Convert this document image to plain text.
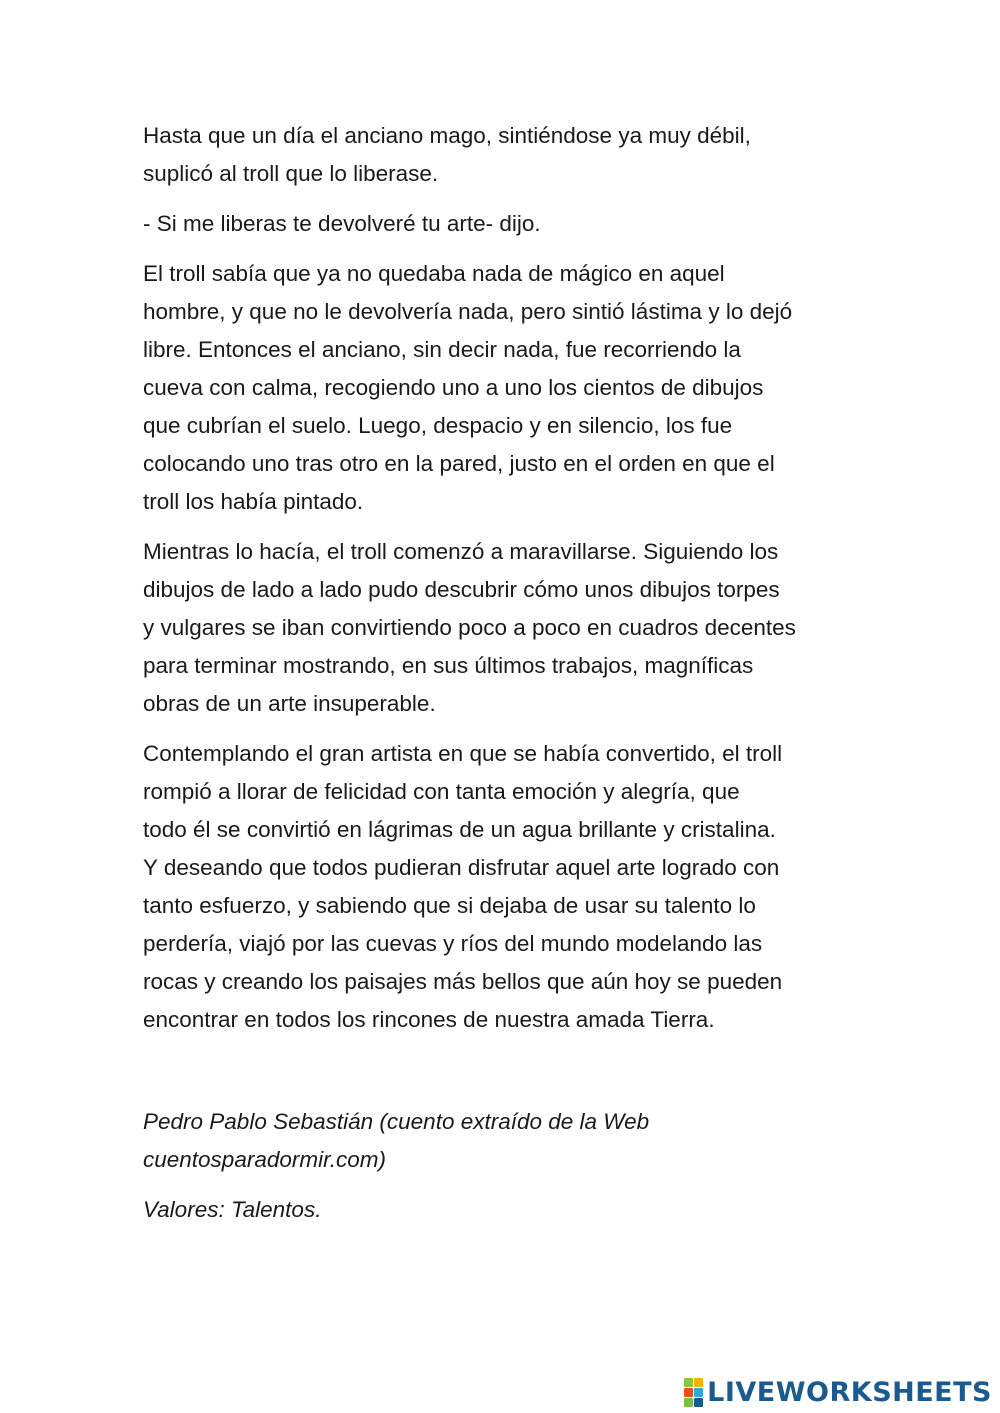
Hasta que un día el anciano mago, sintiéndose ya muy débil,
suplicó al troll que lo liberase.

- Si me liberas te devolveré tu arte- dijo.

El troll sabía que ya no quedaba nada de mágico en aquel
hombre, y que no le devolvería nada, pero sintió lástima y lo dejó
libre. Entonces el anciano, sin decir nada, fue recorriendo la
cueva con calma, recogiendo uno a uno los cientos de dibujos
que cubrían el suelo. Luego, despacio y en silencio, los fue
colocando uno tras otro en la pared, justo en el orden en que el
troll los había pintado.

Mientras lo hacía, el troll comenzó a maravillarse. Siguiendo los
dibujos de lado a lado pudo descubrir cómo unos dibujos torpes
y vulgares se iban convirtiendo poco a poco en cuadros decentes
para terminar mostrando, en sus últimos trabajos, magníficas
obras de un arte insuperable.

Contemplando el gran artista en que se había convertido, el troll
rompió a llorar de felicidad con tanta emoción y alegría, que
todo él se convirtió en lágrimas de un agua brillante y cristalina.
Y deseando que todos pudieran disfrutar aquel arte logrado con
tanto esfuerzo, y sabiendo que si dejaba de usar su talento lo
perdería, viajó por las cuevas y ríos del mundo modelando las
rocas y creando los paisajes más bellos que aún hoy se pueden
encontrar en todos los rincones de nuestra amada Tierra.

Pedro Pablo Sebastián (cuento extraído de la Web
cuentosparadormir.com)
Valores: Talentos.
LIVEWORKSHEETS
